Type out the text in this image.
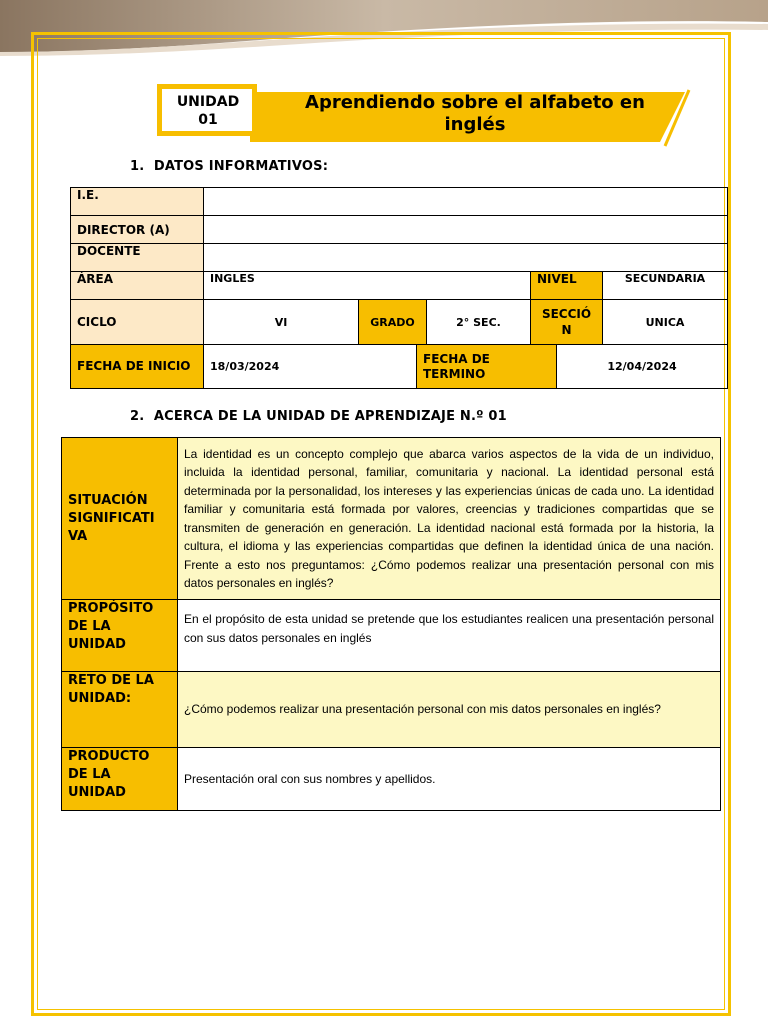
UNIDAD
01
Aprendiendo sobre el alfabeto en
inglés
1. DATOS INFORMATIVOS:
I.E.					
DIRECTOR (A)					
DOCENTE					
ÁREA	INGLES			NIVEL	SECUNDARIA
CICLO	VI	GRADO	2° SEC.	SECCIÓ N	UNICA
FECHA DE INICIO	18/03/2024	FECHA DE TERMINO	12/04/2024
2. ACERCA DE LA UNIDAD DE APRENDIZAJE N.º 01
SITUACIÓN SIGNIFICATI VA	La identidad es un concepto complejo que abarca varios aspectos de la vida de un individuo, incluida la identidad personal, familiar, comunitaria y nacional. La identidad personal está determinada por la personalidad, los intereses y las experiencias únicas de cada uno. La identidad familiar y comunitaria está formada por valores, creencias y tradiciones compartidas que se transmiten de generación en generación. La identidad nacional está formada por la historia, la cultura, el idioma y las experiencias compartidas que definen la identidad única de una nación. Frente a esto nos preguntamos: ¿Cómo podemos realizar una presentación personal con mis datos personales en inglés?
PROPÓSITO DE LA UNIDAD	En el propósito de esta unidad se pretende que los estudiantes realicen una presentación personal con sus datos personales en inglés
RETO DE LA UNIDAD:	¿Cómo podemos realizar una presentación personal con mis datos personales en inglés?
PRODUCTO DE LA UNIDAD	Presentación oral con sus nombres y apellidos.
